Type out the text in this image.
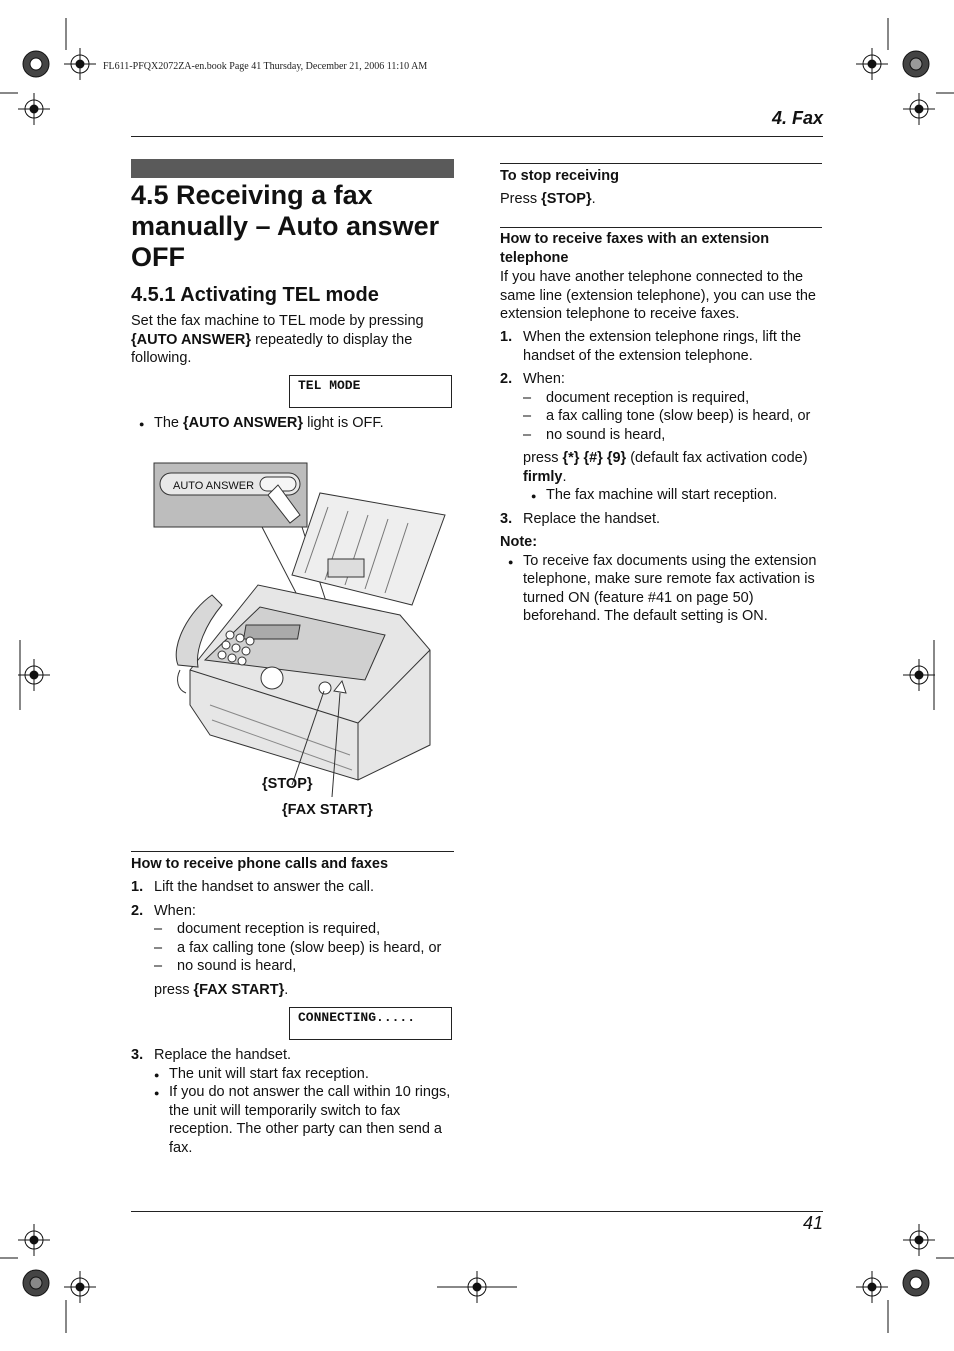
FL611-PFQX2072ZA-en.book Page 41 Thursday, December 21, 2006 11:10 AM
4. Fax
41
4.5 Receiving a fax
manually – Auto answer
OFF
4.5.1 Activating TEL mode
Set the fax machine to TEL mode by pressing {AUTO ANSWER} repeatedly to display the following.
TEL MODE
● The {AUTO ANSWER} light is OFF.
AUTO ANSWER
{STOP}
{FAX START}
How to receive phone calls and faxes
1. Lift the handset to answer the call.
2. When:
– document reception is required,
– a fax calling tone (slow beep) is heard, or
– no sound is heard,
press {FAX START}.
CONNECTING.....
3. Replace the handset.
● The unit will start fax reception.
● If you do not answer the call within 10 rings, the unit will temporarily switch to fax reception. The other party can then send a fax.
To stop receiving
Press {STOP}.
How to receive faxes with an extension telephone
If you have another telephone connected to the same line (extension telephone), you can use the extension telephone to receive faxes.
1. When the extension telephone rings, lift the handset of the extension telephone.
2. When:
– document reception is required,
– a fax calling tone (slow beep) is heard, or
– no sound is heard,
press {*} {#} {9} (default fax activation code) firmly.
● The fax machine will start reception.
3. Replace the handset.
Note:
● To receive fax documents using the extension telephone, make sure remote fax activation is turned ON (feature #41 on page 50) beforehand. The default setting is ON.
